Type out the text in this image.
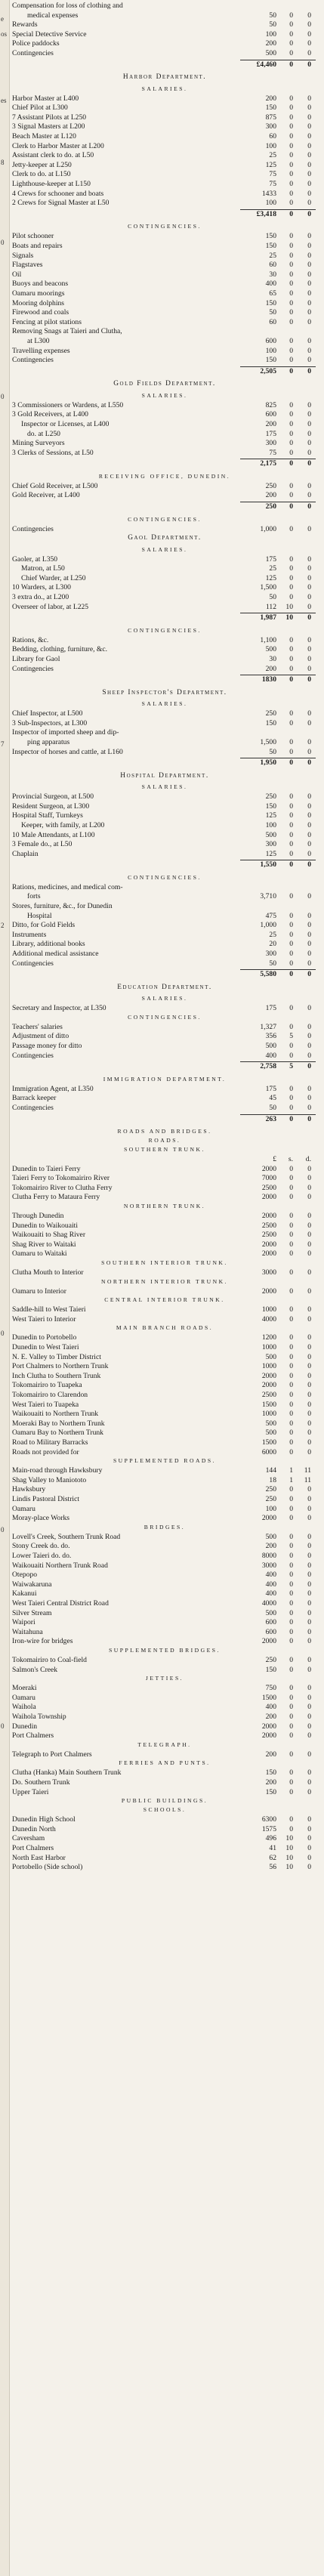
e
os
es
8
0
0
7
2
0
0
0
Compensation for loss of clothing and
medical expenses	50	0	0
Rewards	50	0	0
Special Detective Service	100	0	0
Police paddocks	200	0	0
Contingencies	500	0	0
£4,460	0	0
Harbor Department.
SALARIES.
Harbor Master at L400	200	0	0
Chief Pilot at L300	150	0	0
7 Assistant Pilots at L250	875	0	0
3 Signal Masters at L200	300	0	0
Beach Master at L120	60	0	0
Clerk to Harbor Master at L200	100	0	0
Assistant clerk to do. at L50	25	0	0
Jetty-keeper at L250	125	0	0
Clerk to do. at L150	75	0	0
Lighthouse-keeper at L150	75	0	0
4 Crews for schooner and boats	1433	0	0
2 Crews for Signal Master at L50	100	0	0
£3,418	0	0
CONTINGENCIES.
Pilot schooner	150	0	0
Boats and repairs	150	0	0
Signals	25	0	0
Flagstaves	60	0	0
Oil	30	0	0
Buoys and beacons	400	0	0
Oamaru moorings	65	0	0
Mooring dolphins	150	0	0
Firewood and coals	50	0	0
Fencing at pilot stations	60	0	0
Removing Snags at Taieri and Clutha,
at L300	600	0	0
Travelling expenses	100	0	0
Contingencies	150	0	0
2,505	0	0
Gold Fields Department.
SALARIES.
3 Commissioners or Wardens, at L550	825	0	0
3 Gold Receivers, at L400	600	0	0
Inspector or Licenses, at L400	200	0	0
do. at L250	175	0	0
Mining Surveyors	300	0	0
3 Clerks of Sessions, at L50	75	0	0
2,175	0	0
RECEIVING OFFICE, DUNEDIN.
Chief Gold Receiver, at L500	250	0	0
Gold Receiver, at L400	200	0	0
250	0	0
CONTINGENCIES.
Contingencies	1,000	0	0
Gaol Department.
SALARIES.
Gaoler, at L350	175	0	0
Matron, at L50	25	0	0
Chief Warder, at L250	125	0	0
10 Warders, at L300	1,500	0	0
3 extra do., at L200	50	0	0
Overseer of labor, at L225	112	10	0
1,987	10	0
CONTINGENCIES.
Rations, &c.	1,100	0	0
Bedding, clothing, furniture, &c.	500	0	0
Library for Gaol	30	0	0
Contingencies	200	0	0
1830	0	0
Sheep Inspector's Department.
SALARIES.
Chief Inspector, at L500	250	0	0
3 Sub-Inspectors, at L300	150	0	0
Inspector of imported sheep and dip-
ping apparatus	1,500	0	0
Inspector of horses and cattle, at L160	50	0	0
1,950	0	0
Hospital Department.
SALARIES.
Provincial Surgeon, at L500	250	0	0
Resident Surgeon, at L300	150	0	0
Hospital Staff, Turnkeys	125	0	0
Keeper, with family, at L200	100	0	0
10 Male Attendants, at L100	500	0	0
3 Female do., at L50	300	0	0
Chaplain	125	0	0
1,550	0	0
CONTINGENCIES.
Rations, medicines, and medical com-
forts	3,710	0	0
Stores, furniture, &c., for Dunedin
Hospital	475	0	0
Ditto, for Gold Fields	1,000	0	0
Instruments	25	0	0
Library, additional books	20	0	0
Additional medical assistance	300	0	0
Contingencies	50	0	0
5,580	0	0
Education Department.
SALARIES.
Secretary and Inspector, at L350	175	0	0
CONTINGENCIES.
Teachers' salaries	1,327	0	0
Adjustment of ditto	356	5	0
Passage money for ditto	500	0	0
Contingencies	400	0	0
2,758	5	0
IMMIGRATION DEPARTMENT.
Immigration Agent, at L350	175	0	0
Barrack keeper	45	0	0
Contingencies	50	0	0
263	0	0
ROADS AND BRIDGES.
ROADS.
SOUTHERN TRUNK.
£	s.	d.
Dunedin to Taieri Ferry	2000	0	0
Taieri Ferry to Tokomairiro River	7000	0	0
Tokomairiro River to Clutha Ferry	2500	0	0
Clutha Ferry to Mataura Ferry	2000	0	0
NORTHERN TRUNK.
Through Dunedin	2000	0	0
Dunedin to Waikouaiti	2500	0	0
Waikouaiti to Shag River	2500	0	0
Shag River to Waitaki	2000	0	0
Oamaru to Waitaki	2000	0	0
SOUTHERN INTERIOR TRUNK.
Clutha Mouth to Interior	3000	0	0
NORTHERN INTERIOR TRUNK.
Oamaru to Interior	2000	0	0
CENTRAL INTERIOR TRUNK.
Saddle-hill to West Taieri	1000	0	0
West Taieri to Interior	4000	0	0
MAIN BRANCH ROADS.
Dunedin to Portobello	1200	0	0
Dunedin to West Taieri	1000	0	0
N. E. Valley to Timber District	500	0	0
Port Chalmers to Northern Trunk	1000	0	0
Inch Clutha to Southern Trunk	2000	0	0
Tokomairiro to Tuapeka	2000	0	0
Tokomairiro to Clarendon	2500	0	0
West Taieri to Tuapeka	1500	0	0
Waikouaiti to Northern Trunk	1000	0	0
Moeraki Bay to Northern Trunk	500	0	0
Oamaru Bay to Northern Trunk	500	0	0
Road to Military Barracks	1500	0	0
Roads not provided for	6000	0	0
SUPPLEMENTED ROADS.
Main-road through Hawksbury	144	1	11
Shag Valley to Maniototo	18	1	11
Hawksbury	250	0	0
Lindis Pastoral District	250	0	0
Oamaru	100	0	0
Moray-place Works	2000	0	0
BRIDGES.
Lovell's Creek, Southern Trunk Road	500	0	0
Stony Creek do. do.	200	0	0
Lower Taieri do. do.	8000	0	0
Waikouaiti Northern Trunk Road	3000	0	0
Otepopo	400	0	0
Waiwakaruna	400	0	0
Kakanui	400	0	0
West Taieri Central District Road	4000	0	0
Silver Stream	500	0	0
Waipori	600	0	0
Waitahuna	600	0	0
Iron-wire for bridges	2000	0	0
SUPPLEMENTED BRIDGES.
Tokomairiro to Coal-field	250	0	0
Salmon's Creek	150	0	0
JETTIES.
Moeraki	750	0	0
Oamaru	1500	0	0
Waihola	400	0	0
Waihola Township	200	0	0
Dunedin	2000	0	0
Port Chalmers	2000	0	0
TELEGRAPH.
Telegraph to Port Chalmers	200	0	0
FERRIES AND PUNTS.
Clutha (Hanka) Main Southern Trunk	150	0	0
Do. Southern Trunk	200	0	0
Upper Taieri	150	0	0
PUBLIC BUILDINGS.
SCHOOLS.
Dunedin High School	6300	0	0
Dunedin North	1575	0	0
Caversham	496	10	0
Port Chalmers	41	10	0
North East Harbor	62	10	0
Portobello (Side school)	56	10	0
